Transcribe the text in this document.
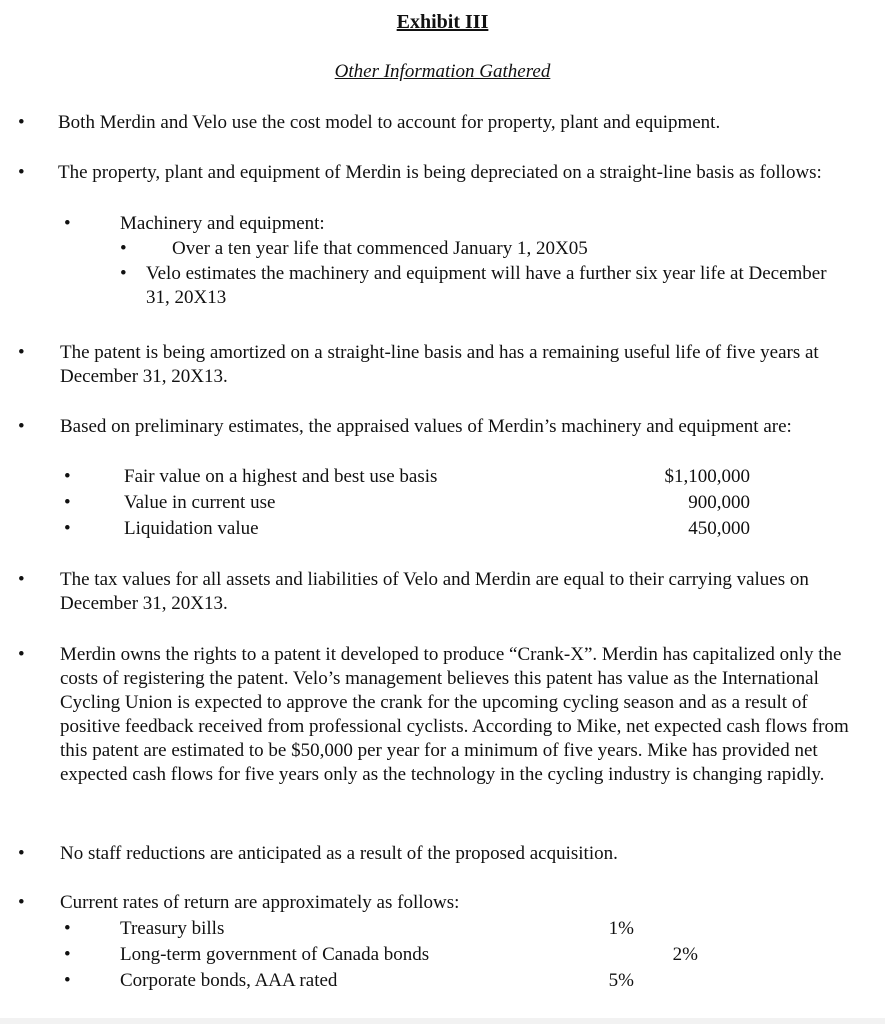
Exhibit III
Other Information Gathered
• Both Merdin and Velo use the cost model to account for property, plant and equipment.
• The property, plant and equipment of Merdin is being depreciated on a straight-line basis as follows:
•	Machinery and equipment:
• Over a ten year life that commenced January 1, 20X05
• Velo estimates the machinery and equipment will have a further six year life at December 31, 20X13
• The patent is being amortized on a straight-line basis and has a remaining useful life of five years at December 31, 20X13.
• Based on preliminary estimates, the appraised values of Merdin’s machinery and equipment are:
•	Fair value on a highest and best use basis	$1,100,000
•	Value in current use	900,000
•	Liquidation value	450,000
• The tax values for all assets and liabilities of Velo and Merdin are equal to their carrying values on December 31, 20X13.
• Merdin owns the rights to a patent it developed to produce “Crank-X”. Merdin has capitalized only the costs of registering the patent. Velo’s management believes this patent has value as the International Cycling Union is expected to approve the crank for the upcoming cycling season and as a result of positive feedback received from professional cyclists. According to Mike, net expected cash flows from this patent are estimated to be $50,000 per year for a minimum of five years. Mike has provided net expected cash flows for five years only as the technology in the cycling industry is changing rapidly.
• No staff reductions are anticipated as a result of the proposed acquisition.
• Current rates of return are approximately as follows:
•	Treasury bills	1%
•	Long-term government of Canada bonds	2%
•	Corporate bonds, AAA rated	5%
